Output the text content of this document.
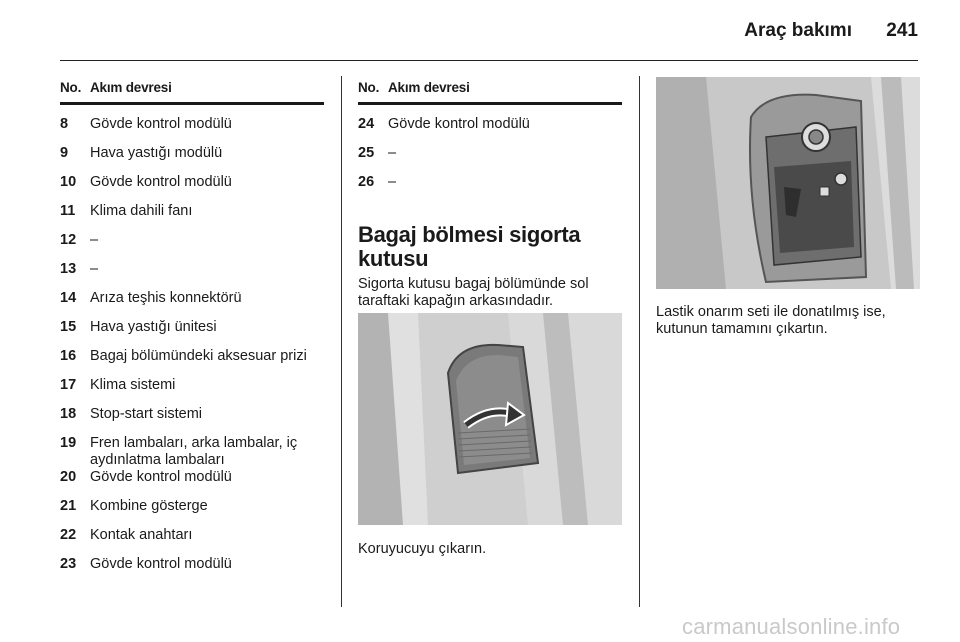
Araç bakımı 241
No. Akım devresi
8	Gövde kontrol modülü
9	Hava yastığı modülü
10 Gövde kontrol modülü
11	Klima dahili fanı
12 –
13 –
14 Arıza teşhis konnektörü
15 Hava yastığı ünitesi
16 Bagaj bölümündeki aksesuar prizi
17 Klima sistemi
18 Stop-start sistemi
19 Fren lambaları, arka lambalar, iç aydınlatma lambaları
20 Gövde kontrol modülü
21 Kombine gösterge
22 Kontak anahtarı
23 Gövde kontrol modülü
No. Akım devresi
24 Gövde kontrol modülü
25 –
26 –
Bagaj bölmesi sigorta kutusu
Sigorta kutusu bagaj bölümünde sol taraftaki kapağın arkasındadır.
Koruyucuyu çıkarın.
Lastik onarım seti ile donatılmış ise, kutunun tamamını çıkartın.
carmanualsonline.info
